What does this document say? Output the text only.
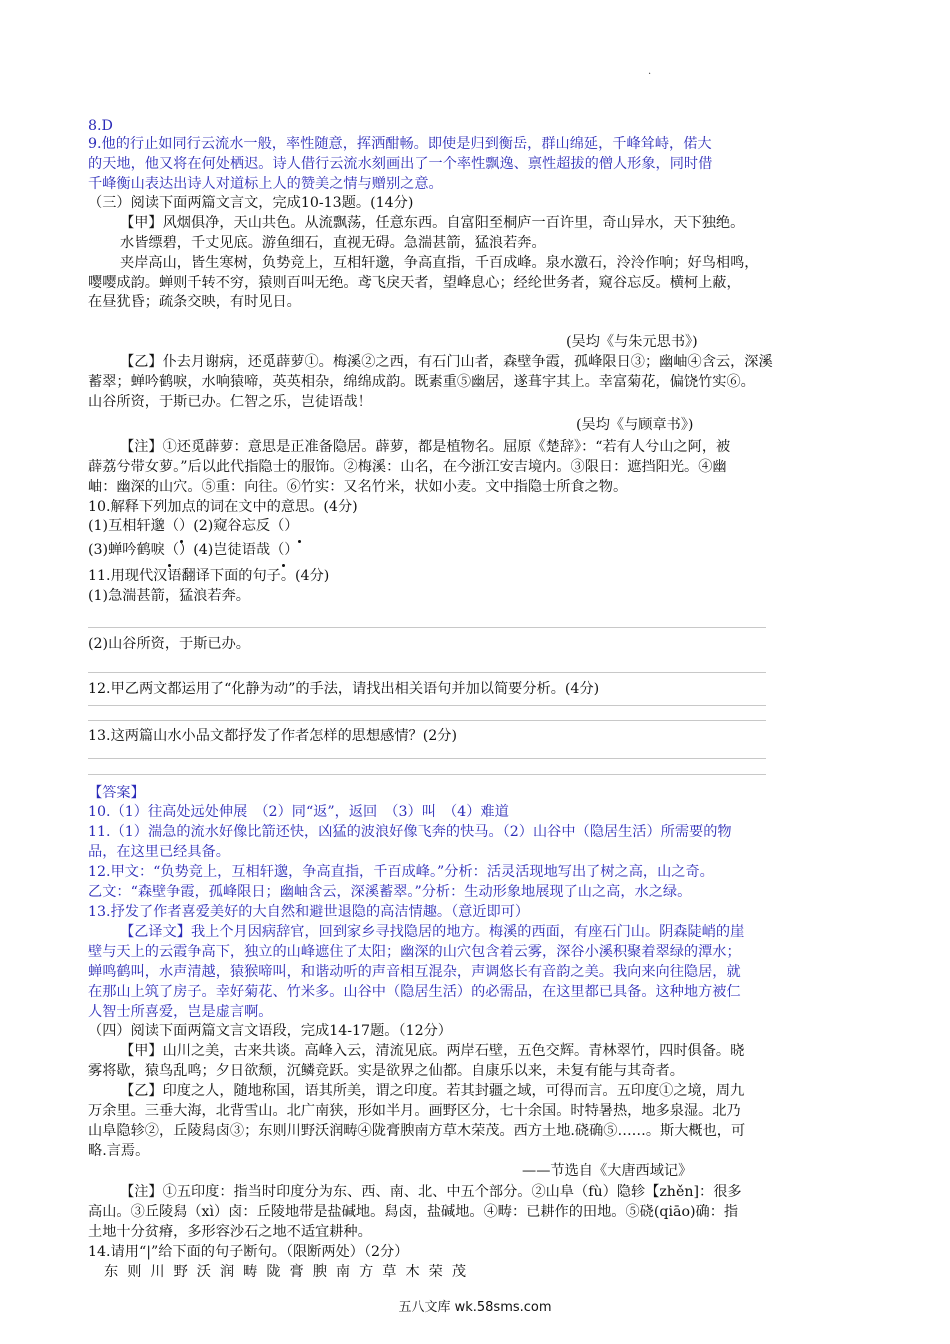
.
8.D
9.他的行止如同行云流水一般，率性随意，挥洒酣畅。即使是归到衡岳，群山绵延，千峰耸峙，偌大
的天地，他又将在何处栖迟。诗人借行云流水刻画出了一个率性飘逸、禀性超拔的僧人形象，同时借
千峰衡山表达出诗人对道标上人的赞美之情与赠别之意。
（三）阅读下面两篇文言文，完成10-13题。(14分)
【甲】风烟俱净，天山共色。从流飘荡，任意东西。自富阳至桐庐一百许里，奇山异水，天下独绝。
水皆缥碧，千丈见底。游鱼细石，直视无碍。急湍甚箭，猛浪若奔。
夹岸高山，皆生寒树，负势竞上，互相轩邈，争高直指，千百成峰。泉水激石，泠泠作响；好鸟相鸣，
嘤嘤成韵。蝉则千转不穷，猿则百叫无绝。鸢飞戾天者，望峰息心；经纶世务者，窥谷忘反。横柯上蔽，
在昼犹昏；疏条交映，有时见日。
(吴均《与朱元思书》)
【乙】仆去月谢病，还觅薜萝①。梅溪②之西，有石门山者，森壁争霞，孤峰限日③；幽岫④含云，深溪
蓄翠；蝉吟鹤唳，水响猿啼，英英相杂，绵绵成韵。既素重⑤幽居，遂葺宇其上。幸富菊花，偏饶竹实⑥。
山谷所资，于斯已办。仁智之乐，岂徒语哉！
(吴均《与顾章书》)
【注】①还觅薜萝：意思是正准备隐居。薜萝，都是植物名。屈原《楚辞》：“若有人兮山之阿，被
薜荔兮带女萝。”后以此代指隐士的服饰。②梅溪：山名，在今浙江安吉境内。③限日：遮挡阳光。④幽
岫：幽深的山穴。⑤重：向往。⑥竹实：又名竹米，状如小麦。文中指隐士所食之物。
10.解释下列加点的词在文中的意思。(4分)
(1)互相轩邈（）(2)窥谷忘反（）
(3)蝉吟鹤唳（）(4)岂徒语哉（）
11.用现代汉语翻译下面的句子。(4分)
(1)急湍甚箭，猛浪若奔。
(2)山谷所资，于斯已办。
12.甲乙两文都运用了“化静为动”的手法，请找出相关语句并加以简要分析。(4分)
13.这两篇山水小品文都抒发了作者怎样的思想感情？(2分)
【答案】
10.（1）往高处远处伸展　（2）同“返”，返回　（3）叫　（4）难道
11.（1）湍急的流水好像比箭还快，凶猛的波浪好像飞奔的快马。（2）山谷中（隐居生活）所需要的物
品，在这里已经具备。
12.甲文：“负势竞上，互相轩邈，争高直指，千百成峰。”分析：活灵活现地写出了树之高，山之奇。
乙文：“森壁争霞，孤峰限日；幽岫含云，深溪蓄翠。”分析：生动形象地展现了山之高，水之绿。
13.抒发了作者喜爱美好的大自然和避世退隐的高洁情趣。（意近即可）
【乙译文】我上个月因病辞官，回到家乡寻找隐居的地方。梅溪的西面，有座石门山。阴森陡峭的崖
壁与天上的云霞争高下，独立的山峰遮住了太阳；幽深的山穴包含着云雾，深谷小溪积聚着翠绿的潭水；
蝉鸣鹤叫，水声清越，猿猴啼叫，和谐动听的声音相互混杂，声调悠长有音韵之美。我向来向往隐居，就
在那山上筑了房子。幸好菊花、竹米多。山谷中（隐居生活）的必需品，在这里都已具备。这种地方被仁
人智士所喜爱，岂是虚言啊。
（四）阅读下面两篇文言文语段，完成14-17题。（12分）
【甲】山川之美，古来共谈。高峰入云，清流见底。两岸石壁，五色交辉。青林翠竹，四时俱备。晓
雾将歇，猿鸟乱鸣；夕日欲颓，沉鳞竞跃。实是欲界之仙都。自康乐以来，未复有能与其奇者。
【乙】印度之人，随地称国，语其所美，谓之印度。若其封疆之域，可得而言。五印度①之境，周九
万余里。三垂大海，北背雪山。北广南狭，形如半月。画野区分，七十余国。时特暑热，地多泉湿。北乃
山阜隐轸②，丘陵舄卤③；东则川野沃润畴④陇膏腴南方草木荣茂。西方土地.硗确⑤……。斯大概也，可
略.言焉。
——节选自《大唐西域记》
【注】①五印度：指当时印度分为东、西、南、北、中五个部分。②山阜（fù）隐轸【zhěn]：很多
高山。③丘陵舄（xì）卤：丘陵地带是盐碱地。舄卤，盐碱地。④畴：已耕作的田地。⑤硗(qiāo)确：指
土地十分贫瘠，多形容沙石之地不适宜耕种。
14.请用“|”给下面的句子断句。（限断两处）（2分）
东则川野沃润畴陇膏腴南方草木荣茂
五八文库 wk.58sms.com
